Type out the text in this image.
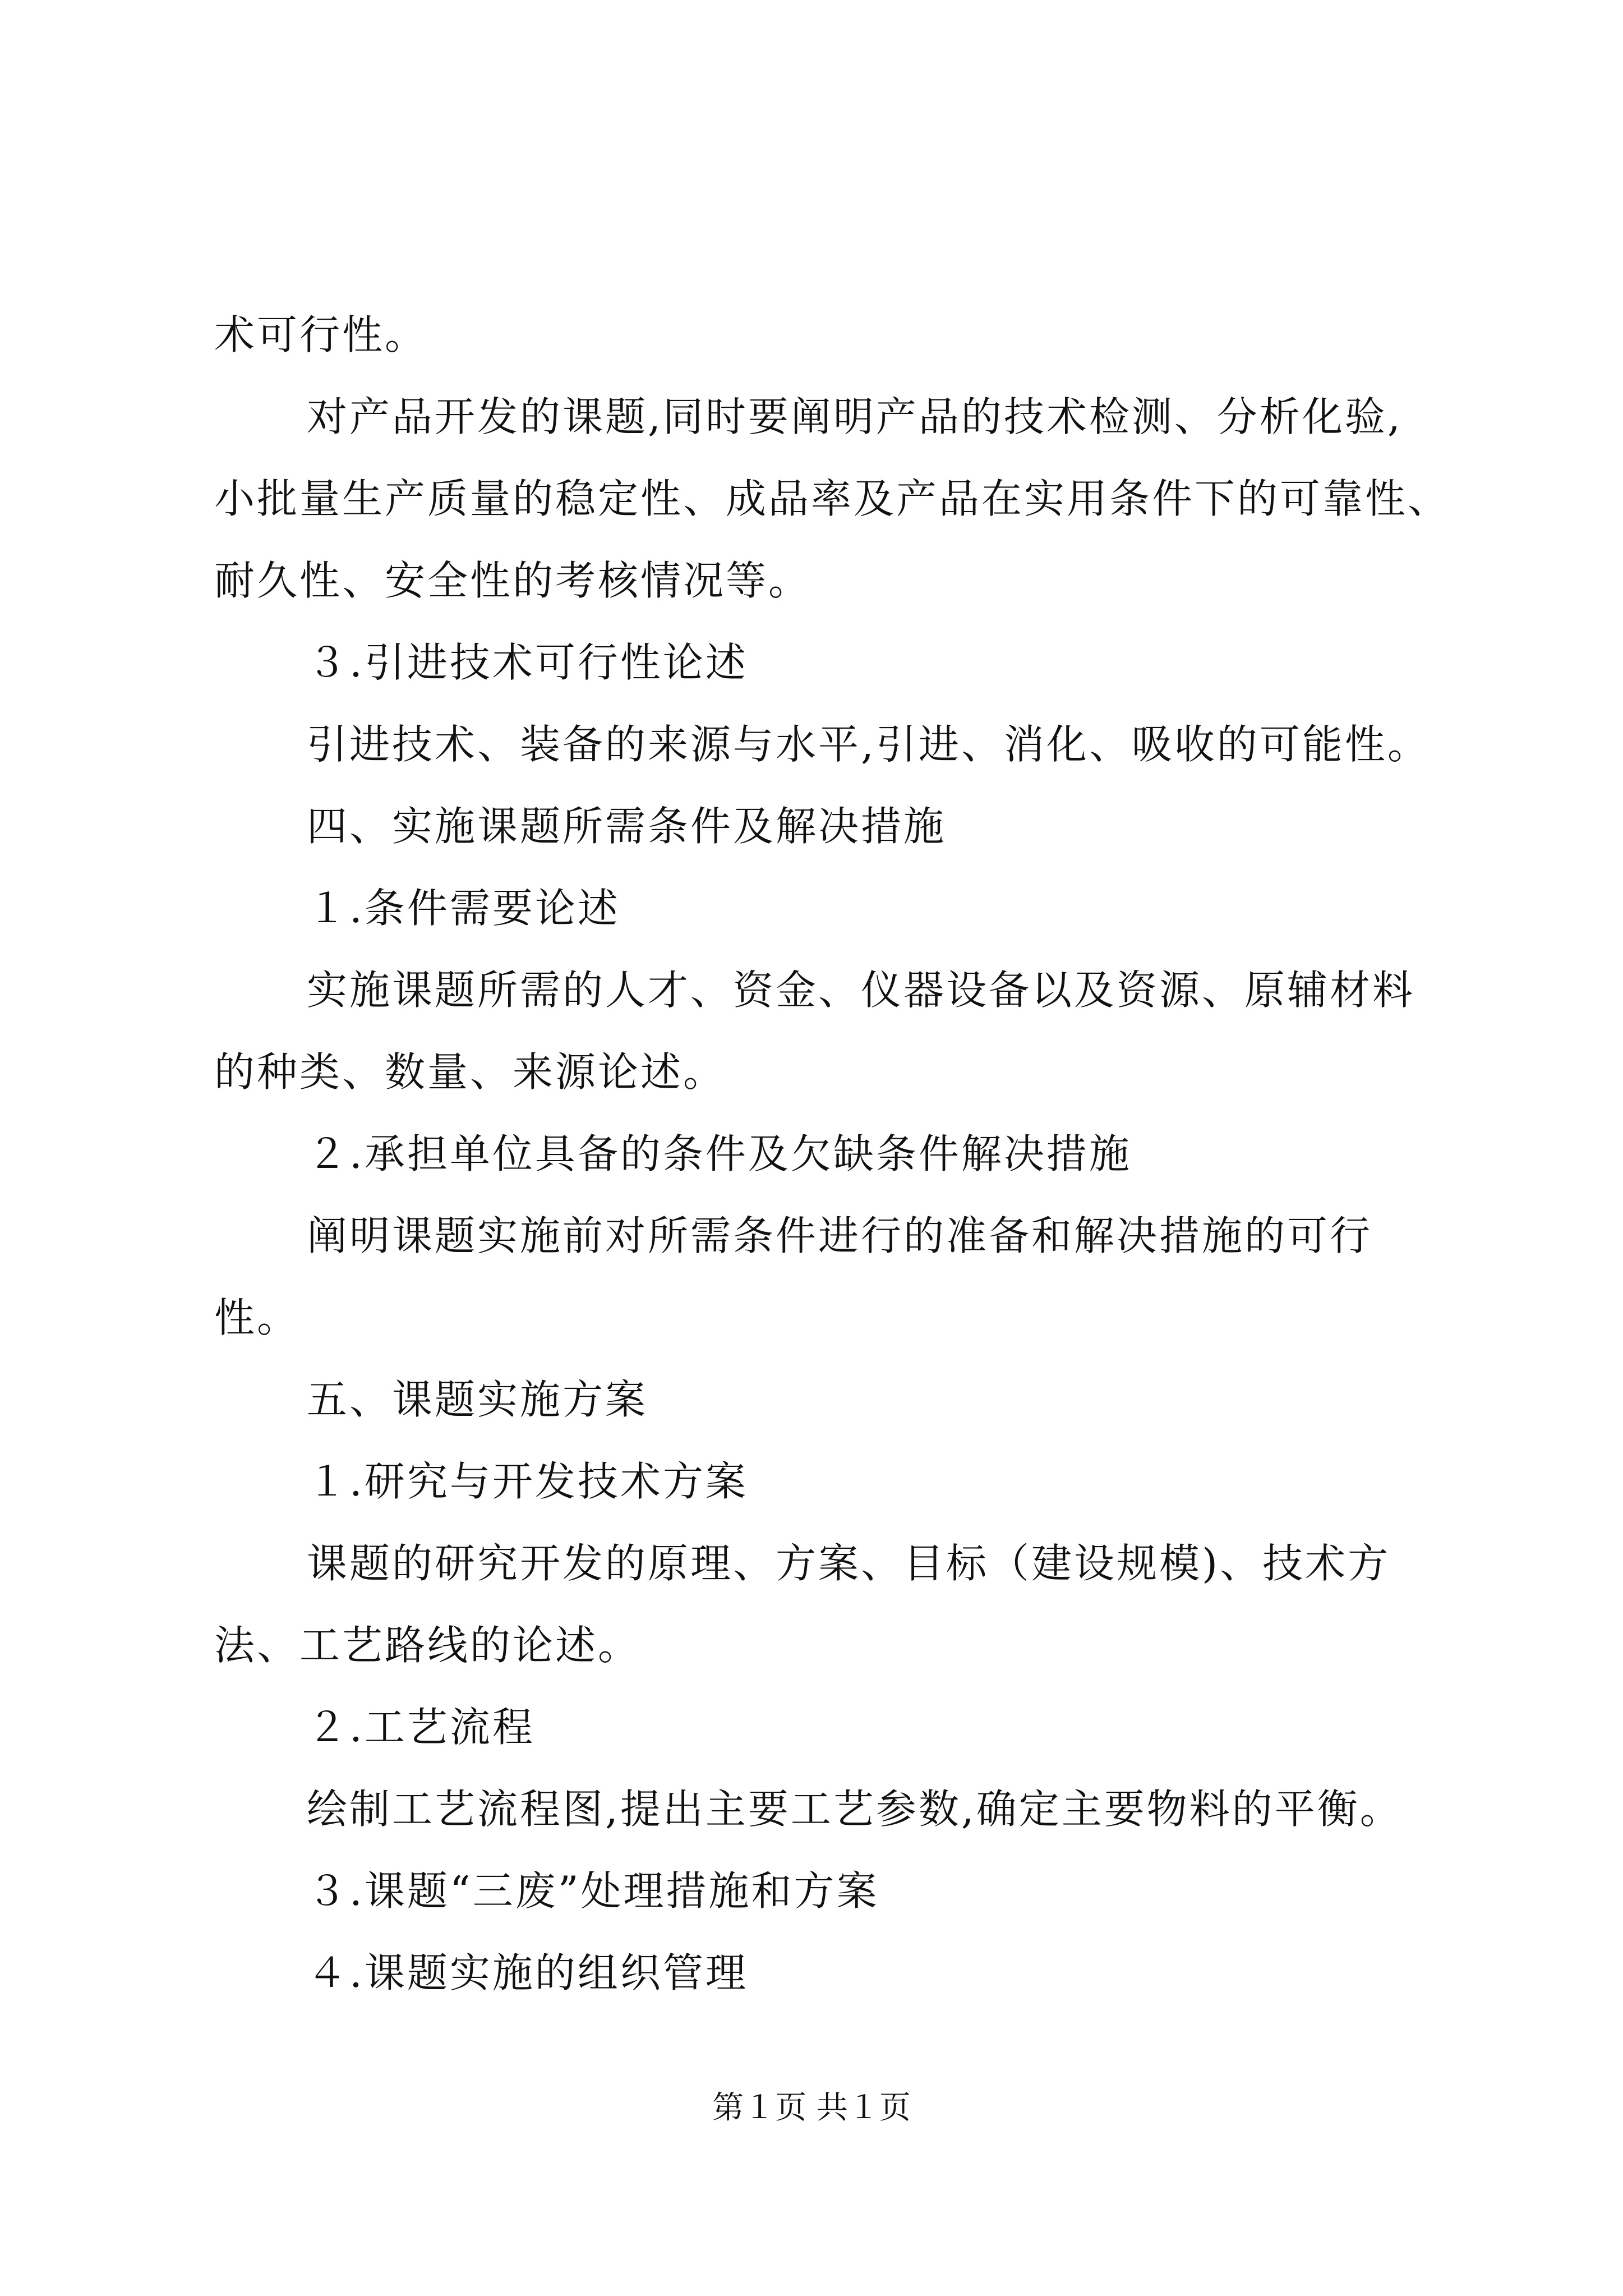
术可行性。

对产品开发的课题,同时要阐明产品的技术检测、分析化验,

小批量生产质量的稳定性、成品率及产品在实用条件下的可靠性、

耐久性、安全性的考核情况等。

３.引进技术可行性论述

引进技术、装备的来源与水平,引进、消化、吸收的可能性。

四、实施课题所需条件及解决措施

１.条件需要论述

实施课题所需的人才、资金、仪器设备以及资源、原辅材料

的种类、数量、来源论述。

２.承担单位具备的条件及欠缺条件解决措施

阐明课题实施前对所需条件进行的准备和解决措施的可行

性。

五、课题实施方案

１.研究与开发技术方案

课题的研究开发的原理、方案、目标（建设规模)、技术方

法、工艺路线的论述。

２.工艺流程

绘制工艺流程图,提出主要工艺参数,确定主要物料的平衡。

３.课题“三废”处理措施和方案

４.课题实施的组织管理

第１页 共１页
